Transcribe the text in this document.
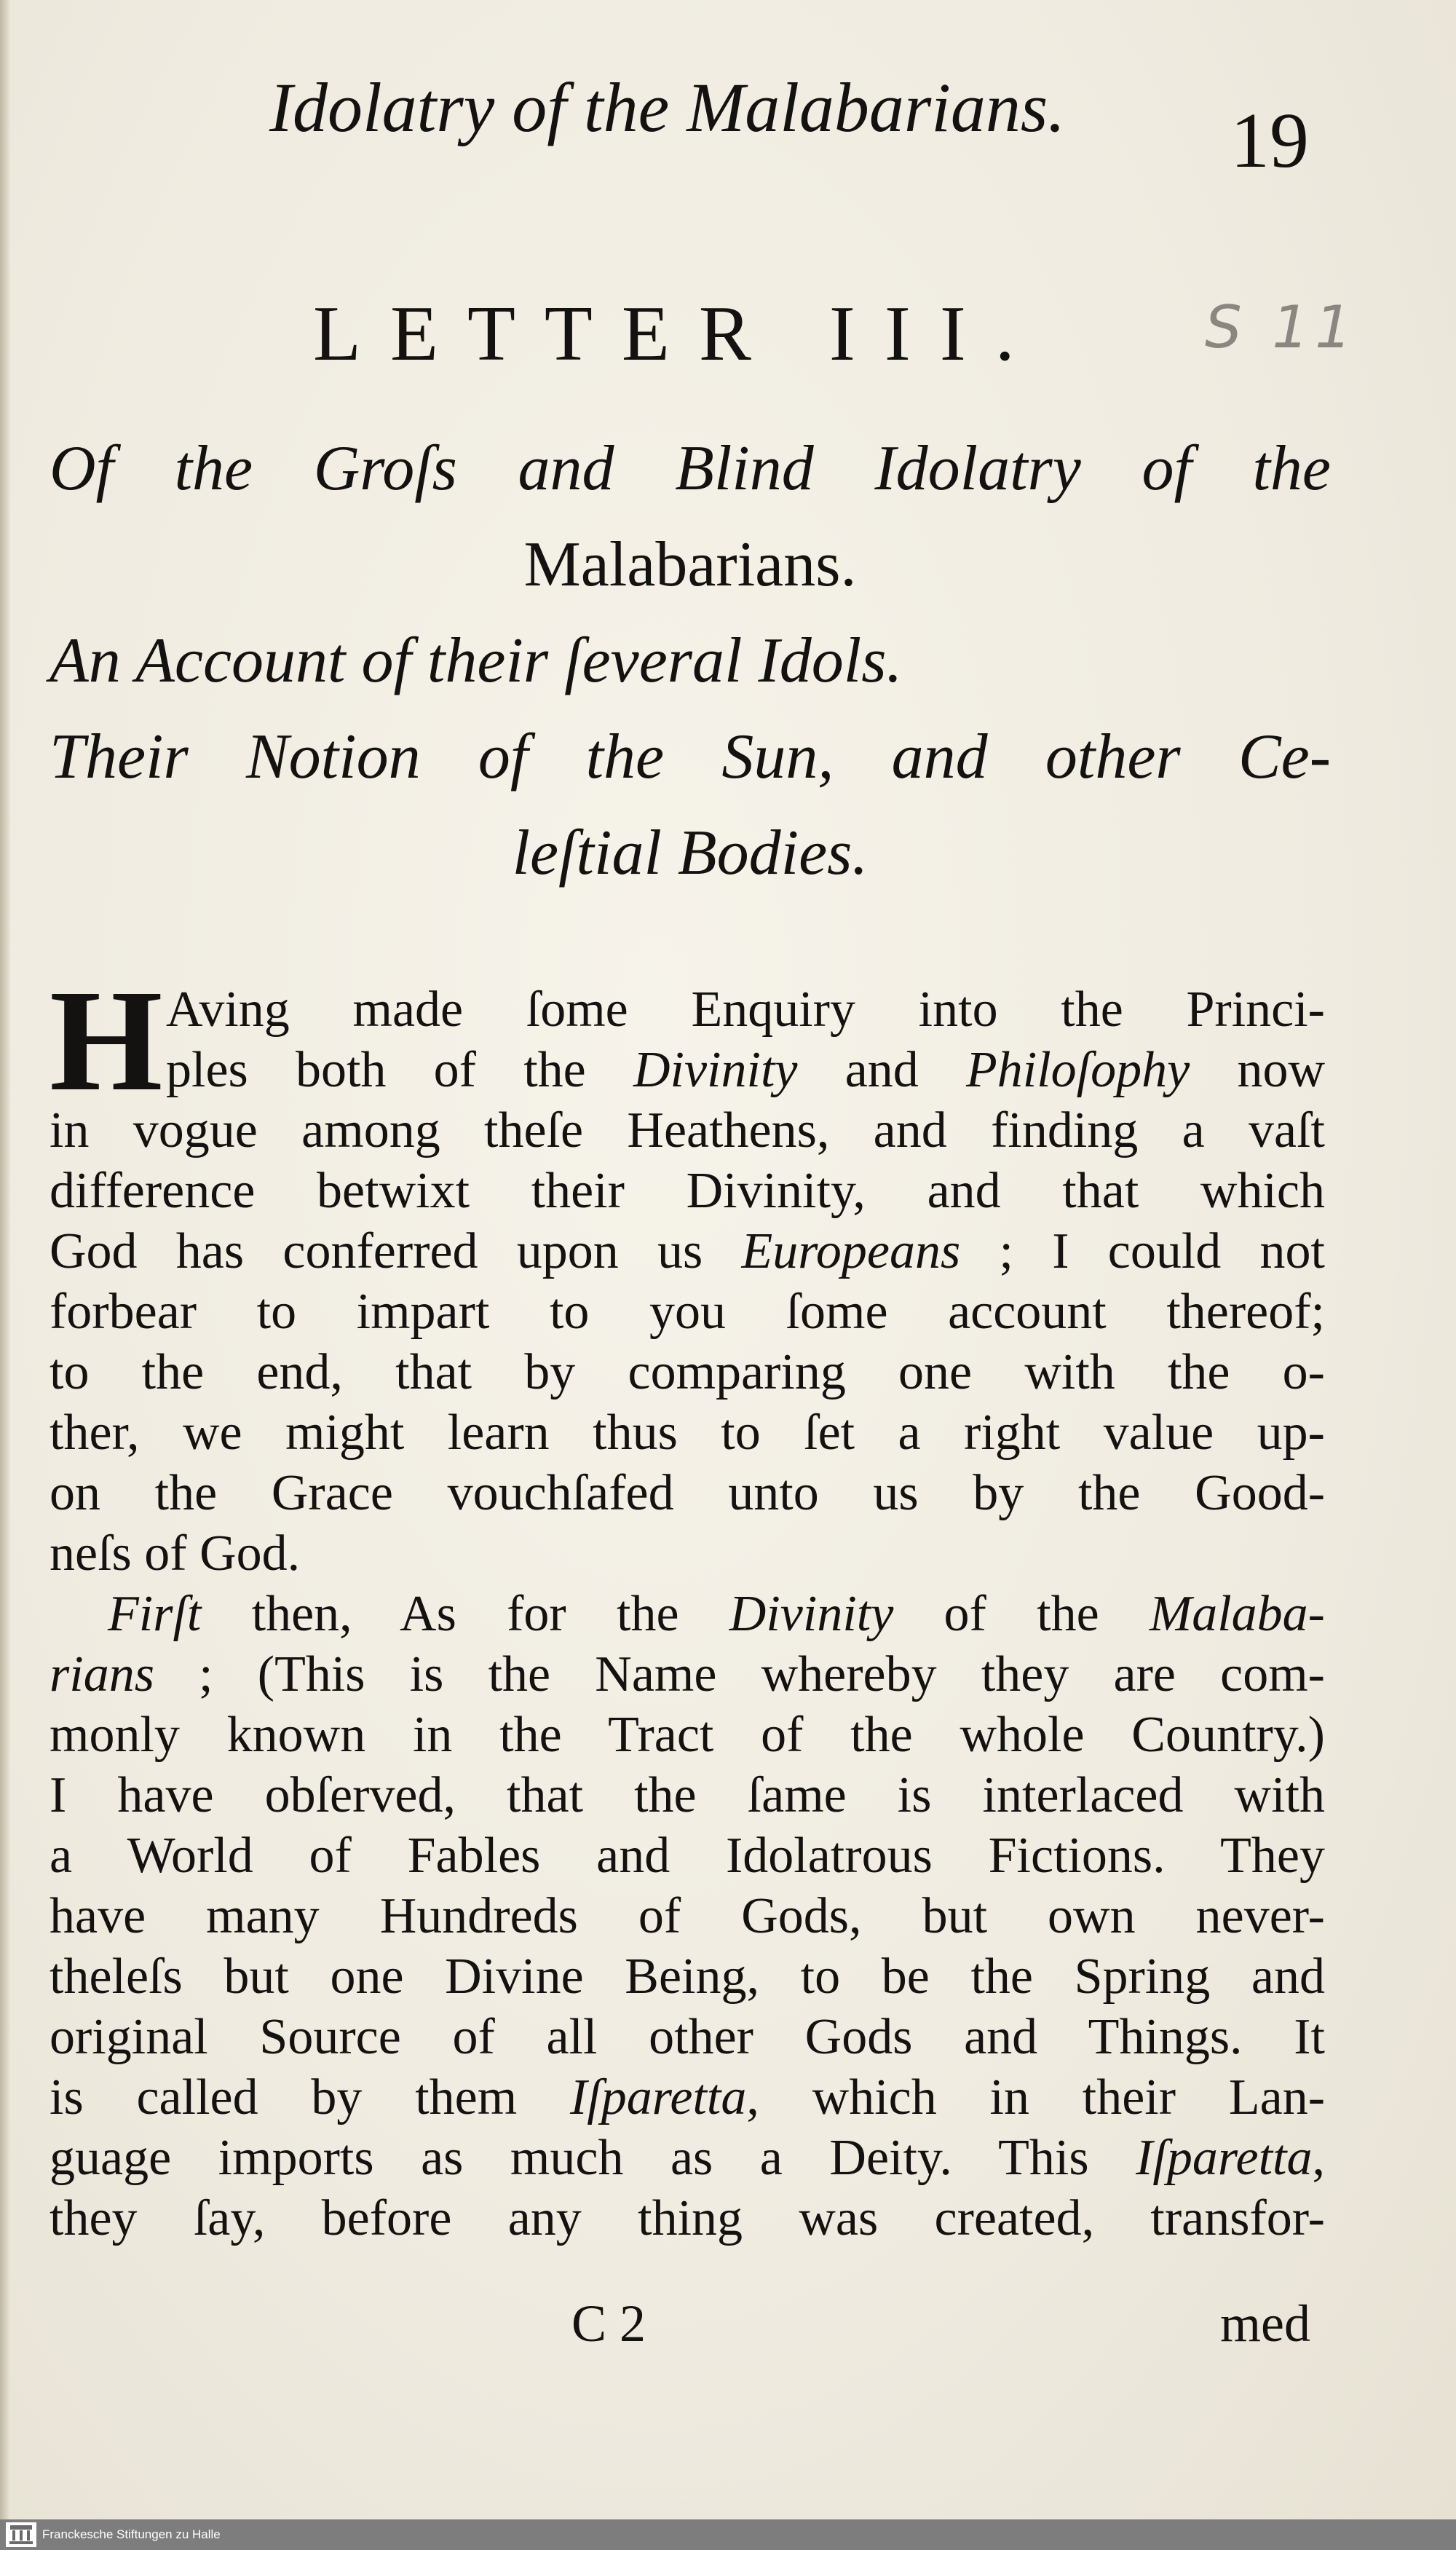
Idolatry of the Malabarians. 19
S 11
LETTER III.
Of the Groſs and Blind Idolatry of the
Malabarians.
An Account of their ſeveral Idols.
Their Notion of the Sun, and other Ce-
leſtial Bodies.
H Aving made ſome Enquiry into the Princi-
ples both of the Divinity and Philoſophy now
in vogue among theſe Heathens, and finding a vaſt
difference betwixt their Divinity, and that which
God has conferred upon us Europeans ; I could not
forbear to impart to you ſome account thereof;
to the end, that by comparing one with the o-
ther, we might learn thus to ſet a right value up-
on the Grace vouchſafed unto us by the Good-
neſs of God.
Firſt then, As for the Divinity of the Malaba-
rians ; (This is the Name whereby they are com-
monly known in the Tract of the whole Country.)
I have obſerved, that the ſame is interlaced with
a World of Fables and Idolatrous Fictions. They
have many Hundreds of Gods, but own never-
theleſs but one Divine Being, to be the Spring and
original Source of all other Gods and Things. It
is called by them Iſparetta, which in their Lan-
guage imports as much as a Deity. This Iſparetta,
they ſay, before any thing was created, transfor-
C 2	med
Franckesche Stiftungen zu Halle
